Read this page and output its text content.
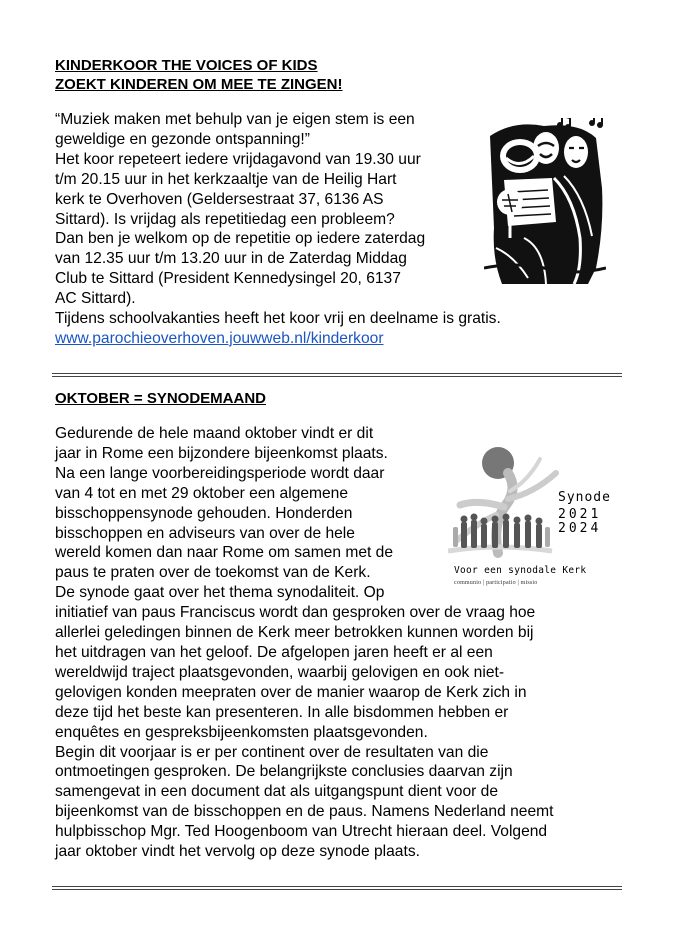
KINDERKOOR THE VOICES OF KIDS

ZOEKT KINDEREN OM MEE TE ZINGEN!

“Muziek maken met behulp van je eigen stem is een
geweldige en gezonde ontspanning!”
Het koor repeteert iedere vrijdagavond van 19.30 uur
t/m 20.15 uur in het kerkzaaltje van de Heilig Hart
kerk te Overhoven (Geldersestraat 37, 6136 AS
Sittard). Is vrijdag als repetitiedag een probleem?
Dan ben je welkom op de repetitie op iedere zaterdag
van 12.35 uur t/m 13.20 uur in de Zaterdag Middag
Club te Sittard (President Kennedysingel 20, 6137
AC Sittard).
Tijdens schoolvakanties heeft het koor vrij en deelname is gratis.
www.parochieoverhoven.jouwweb.nl/kinderkoor

OKTOBER = SYNODEMAAND

Gedurende de hele maand oktober vindt er dit
jaar in Rome een bijzondere bijeenkomst plaats.
Na een lange voorbereidingsperiode wordt daar
van 4 tot en met 29 oktober een algemene
bisschoppensynode gehouden. Honderden
bisschoppen en adviseurs van over de hele
wereld komen dan naar Rome om samen met de
paus te praten over de toekomst van de Kerk.
De synode gaat over het thema synodaliteit. Op
initiatief van paus Franciscus wordt dan gesproken over de vraag hoe
allerlei geledingen binnen de Kerk meer betrokken kunnen worden bij
het uitdragen van het geloof. De afgelopen jaren heeft er al een
wereldwijd traject plaatsgevonden, waarbij gelovigen en ook niet-
gelovigen konden meepraten over de manier waarop de Kerk zich in
deze tijd het beste kan presenteren. In alle bisdommen hebben er
enquêtes en gespreksbijeenkomsten plaatsgevonden.
Begin dit voorjaar is er per continent over de resultaten van die
ontmoetingen gesproken. De belangrijkste conclusies daarvan zijn
samengevat in een document dat als uitgangspunt dient voor de
bijeenkomst van de bisschoppen en de paus. Namens Nederland neemt
hulpbisschop Mgr. Ted Hoogenboom van Utrecht hieraan deel. Volgend
jaar oktober vindt het vervolg op deze synode plaats.
Synode
2021
2024
Voor een synodale Kerk
communio | participatio | missio
